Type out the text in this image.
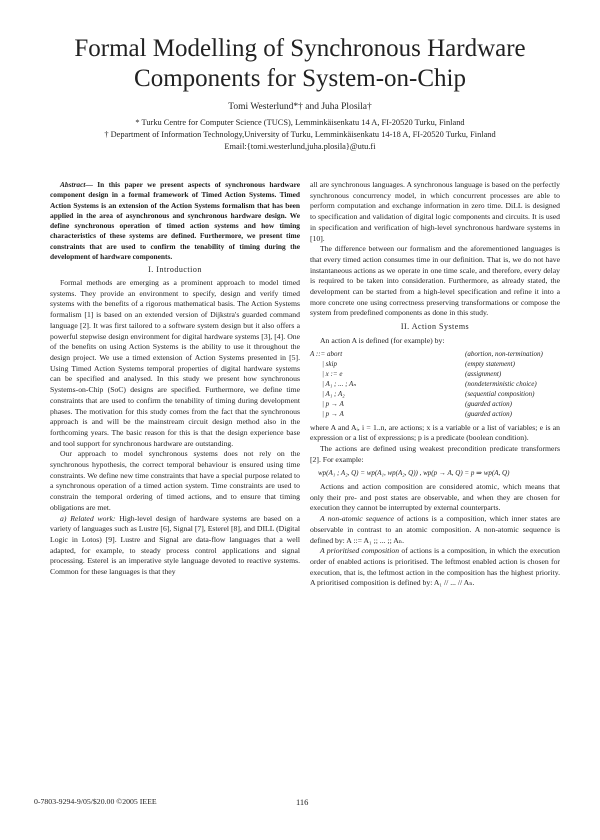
Formal Modelling of Synchronous Hardware Components for System-on-Chip
Tomi Westerlund*† and Juha Plosila†
* Turku Centre for Computer Science (TUCS), Lemminkäisenkatu 14 A, FI-20520 Turku, Finland
† Department of Information Technology,University of Turku, Lemminkäisenkatu 14-18 A, FI-20520 Turku, Finland
Email:{tomi.westerlund,juha.plosila}@utu.fi

Abstract— In this paper we present aspects of synchronous hardware component design in a formal framework of Timed Action Systems. Timed Action Systems is an extension of the Action Systems formalism that has been applied in the area of asynchronous and synchronous hardware design. We define synchronous operation of timed action systems and how timing characteristics of these systems are defined. Furthermore, we present time constraints that are used to confirm the tenability of timing during the development of hardware components.

I. Introduction

Formal methods are emerging as a prominent approach to model timed systems. They provide an environment to specify, design and verify timed systems with the benefits of a rigorous mathematical basis. The Action Systems formalism [1] is based on an extended version of Dijkstra's guarded command language [2]. It was first tailored to a software system design but it also offers a powerful stepwise design environment for digital hardware systems [3], [4]. One of the benefits on using Action Systems is the ability to use it throughout the design project. We use a timed extension of Action Systems presented in [5]. Using Timed Action Systems temporal properties of digital hardware systems can be specified and analysed. In this study we present how synchronous Systems-on-Chip (SoC) designs are specified. Furthermore, we define time constraints that are used to confirm the tenability of timing during development phases. The motivation for this study comes from the fact that the synchronous approach is and will be the mainstream circuit design method also in the forthcoming years. The basic reason for this is that the design experience base and tool support for synchronous hardware are outstanding.

Our approach to model synchronous systems does not rely on the synchronous hypothesis, the correct temporal behaviour is ensured using time constraints. We define new time constraints that have a special purpose related to a synchronous operation of a timed action system. Time constraints are used to constrain the temporal ordering of timed actions, and to ensure that timing obligations are met.

a) Related work: High-level design of hardware systems are based on a variety of languages such as Lustre [6], Signal [7], Esterel [8], and DILL (Digital Logic in Lotos) [9]. Lustre and Signal are data-flow languages that a well adapted, for example, to steady process control applications and signal processing. Esterel is an imperative style language devoted to reactive systems. Common for these languages is that they

all are synchronous languages. A synchronous language is based on the perfectly synchronous concurrency model, in which concurrent processes are able to perform computation and exchange information in zero time. DiLL is designed to specification and validation of digital logic components and circuits. It is used in specification and verification of high-level synchronous hardware systems in [10].

The difference between our formalism and the aforementioned languages is that every timed action consumes time in our definition. That is, we do not have instantaneous actions as we operate in one time scale, and therefore, every delay is required to be taken into consideration. Furthermore, as already stated, the development can be started from a high-level specification and refine it into a more concrete one using correctness preserving transformations or compose the system from predefined components as done in this study.

II. Action Systems

An action A is defined (for example) by:

A ::= abort	(abortion, non-termination)
| skip	(empty statement)
| x := e	(assignment)
| A₁ ; ... ; Aₙ	(nondeterministic choice)
| A₁ ; A₂	(sequential composition)
| p → A	(guarded action)
| p → A	(guarded action)

where A and Aᵢ, i = 1..n, are actions; x is a variable or a list of variables; e is an expression or a list of expressions; p is a predicate (boolean condition).

The actions are defined using weakest precondition predicate transformers [2]. For example:

wp(A₁ ; A₂, Q) = wp(A₁, wp(A₂, Q)) , wp(p → A, Q) = p ⇒ wp(A, Q)

Actions and action composition are considered atomic, which means that only their pre- and post states are observable, and when they are chosen for execution they cannot be interrupted by external counterparts.

A non-atomic sequence of actions is a composition, which inner states are observable in contrast to an atomic composition. A non-atomic sequence is defined by: A ::= A₁ ;; ... ;; Aₙ.

A prioritised composition of actions is a composition, in which the execution order of enabled actions is prioritised. The leftmost enabled action is chosen for execution, that is, the leftmost action in the composition has the highest priority. A prioritised composition is defined by: A₁ // ... // Aₙ.

0-7803-9294-9/05/$20.00 ©2005 IEEE	116
